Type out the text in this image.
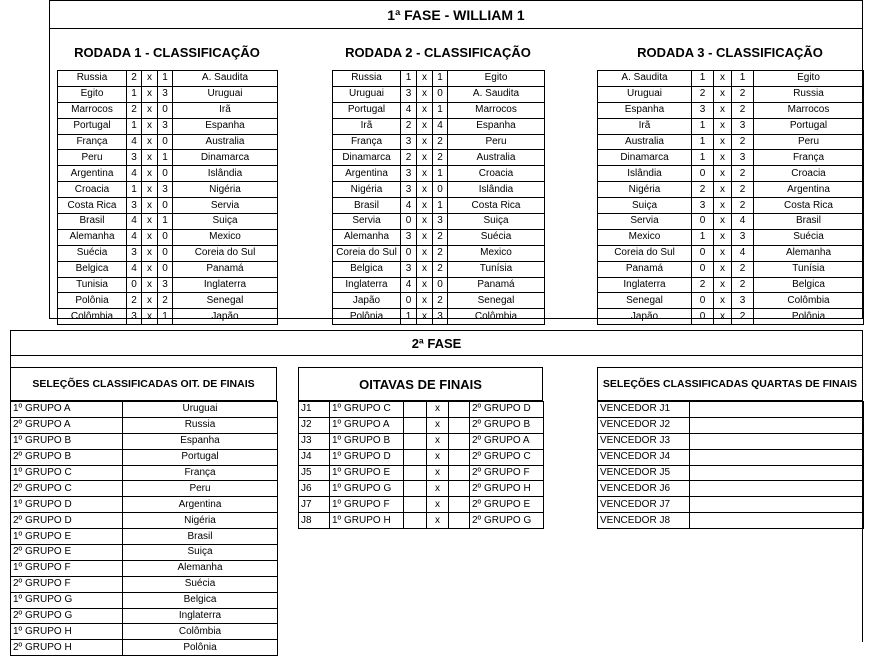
1ª FASE - WILLIAM 1
RODADA 1 - CLASSIFICAÇÃO	RODADA 2 - CLASSIFICAÇÃO	RODADA 3 - CLASSIFICAÇÃO
Russia	2	x	1	A. Saudita
Egito	1	x	3	Uruguai
Marrocos	2	x	0	Irã
Portugal	1	x	3	Espanha
França	4	x	0	Australia
Peru	3	x	1	Dinamarca
Argentina	4	x	0	Islândia
Croacia	1	x	3	Nigéria
Costa Rica	3	x	0	Servia
Brasil	4	x	1	Suiça
Alemanha	4	x	0	Mexico
Suécia	3	x	0	Coreia do Sul
Belgica	4	x	0	Panamá
Tunisia	0	x	3	Inglaterra
Polônia	2	x	2	Senegal
Colômbia	3	x	1	Japão
Russia	1	x	1	Egito
Uruguai	3	x	0	A. Saudita
Portugal	4	x	1	Marrocos
Irã	2	x	4	Espanha
França	3	x	2	Peru
Dinamarca	2	x	2	Australia
Argentina	3	x	1	Croacia
Nigéria	3	x	0	Islândia
Brasil	4	x	1	Costa Rica
Servia	0	x	3	Suiça
Alemanha	3	x	2	Suécia
Coreia do Sul	0	x	2	Mexico
Belgica	3	x	2	Tunísia
Inglaterra	4	x	0	Panamá
Japão	0	x	2	Senegal
Polônia	1	x	3	Colômbia
A. Saudita	1	x	1	Egito
Uruguai	2	x	2	Russia
Espanha	3	x	2	Marrocos
Irã	1	x	3	Portugal
Australia	1	x	2	Peru
Dinamarca	1	x	3	França
Islândia	0	x	2	Croacia
Nigéria	2	x	2	Argentina
Suiça	3	x	2	Costa Rica
Servia	0	x	4	Brasil
Mexico	1	x	3	Suécia
Coreia do Sul	0	x	4	Alemanha
Panamá	0	x	2	Tunísia
Inglaterra	2	x	2	Belgica
Senegal	0	x	3	Colômbia
Japão	0	x	2	Polônia
2ª FASE
SELEÇÕES CLASSIFICADAS OIT. DE FINAIS
1º GRUPO A	Uruguai
2º GRUPO A	Russia
1º GRUPO B	Espanha
2º GRUPO B	Portugal
1º GRUPO C	França
2º GRUPO C	Peru
1º GRUPO D	Argentina
2º GRUPO D	Nigéria
1º GRUPO E	Brasil
2º GRUPO E	Suiça
1º GRUPO F	Alemanha
2º GRUPO F	Suécia
1º GRUPO G	Belgica
2º GRUPO G	Inglaterra
1º GRUPO H	Colômbia
2º GRUPO H	Polônia
OITAVAS DE FINAIS
J1	1º GRUPO C		x		2º GRUPO D
J2	1º GRUPO A		x		2º GRUPO B
J3	1º GRUPO B		x		2º GRUPO A
J4	1º GRUPO D		x		2º GRUPO C
J5	1º GRUPO E		x		2º GRUPO F
J6	1º GRUPO G		x		2º GRUPO H
J7	1º GRUPO F		x		2º GRUPO E
J8	1º GRUPO H		x		2º GRUPO G
SELEÇÕES CLASSIFICADAS QUARTAS DE FINAIS
VENCEDOR J1	
VENCEDOR J2	
VENCEDOR J3	
VENCEDOR J4	
VENCEDOR J5	
VENCEDOR J6	
VENCEDOR J7	
VENCEDOR J8	
